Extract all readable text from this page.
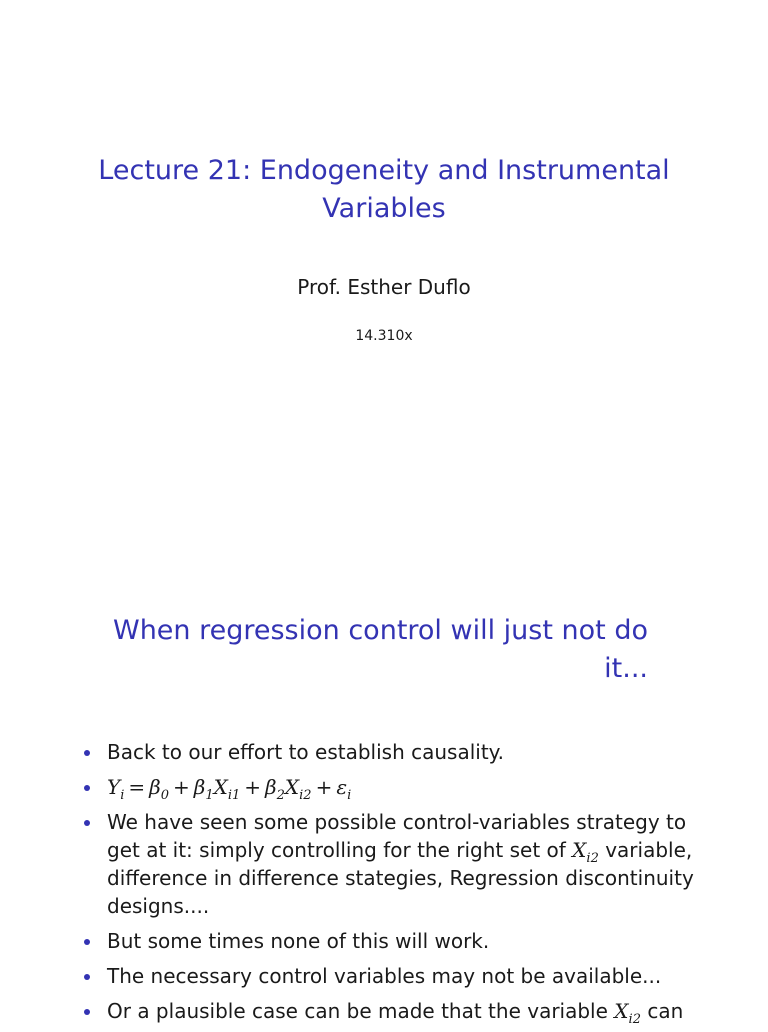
Lecture 21: Endogeneity and Instrumental
Variables
Prof. Esther Duflo
14.310x
When regression control will just not do
it...
Back to our effort to establish causality.
$Y_i = \beta_0 + \beta_1X_{i1} + \beta_2X_{i2} + \varepsilon_i$
We have seen some possible control-variables strategy to get at it: simply controlling for the right set of $X_{i2}$ variable, difference in difference stategies, Regression discontinuity designs....
But some times none of this will work.
The necessary control variables may not be available...
Or a plausible case can be made that the variable $X_{i2}$ can
